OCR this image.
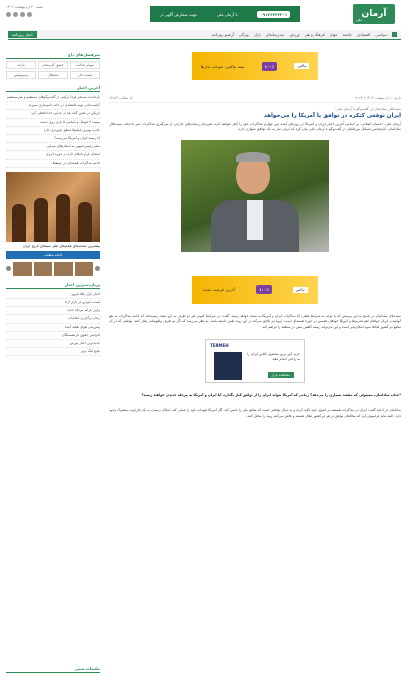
آرمان
ملی
۰۹۱۲۶۳۴۴۴۰۱
با آرمان ملی
جهت سفارش آگهی در
شنبه ۲۰ اردیبهشت ۱۴۰۴
سیاسی
اقتصادی
جامعه
جهان
فرهنگ و هنر
ورزش
چندرسانه‌ای
بازار
ویژگی
آرشیو روزنامه
اخبار روزنامه
نیاکس
۱۰۰٪
بیمه نیاکس، سوخت ندارها
تاریخ ۲۰ اردیبهشت ۱۴۰۴ | ۱۲:۲۴
کد مطلب ۱۴۸۸۴
سیدجلال ساداتیان در گفت‌وگو با آرمان ملی:
ایران توقعی کنکره در توافق با آمریکا را می‌خواهد

آرمان ملی- احسان اصلانی: بر اساس آخرین اخبار ایران و آمریکا در روزهای آینده دور چهارم مذاکرات خود را آغاز خواهند کرد. هم‌زمان رسانه‌های خارجی از سرگیری مذاکرات خبر داده‌اند. سید‌جلال ساداتیان، کارشناس مسائل بین‌الملل در گفت‌وگو با آرمان ملی بیان کرد که ایران نیاز به یک توافق متوازن دارد.

نیاکس
۱۰۰٪
آخرین فرصت تمدید

سیدجلال ساداتیان در پاسخ به این پرسش که با توجه به شرایط فعلی، آیا مذاکرات ایران و آمریکا به نتیجه خواهد رسید، گفت: در شرایط کنونی هر دو طرف به این نتیجه رسیده‌اند که ادامه مذاکرات به نفع آنهاست. ایران خواهان لغو تحریم‌ها و آمریکا خواهان تضمین در حوزه هسته‌ای است. اروپا نیز تلاش می‌کند در این روند نقش داشته باشد. به نظر می‌رسد که اگر دو طرف واقع‌بینانه رفتار کنند، توافقی که در آن منافع دو کشور لحاظ شود امکان‌پذیر است و این می‌تواند زمینه کاهش تنش در منطقه را فراهم کند.

TERMEH
خرید کور ترین محصول آنلاین ایران را به راحتی انجام دهید
مشاهده بازار

*جناب ساداتیان، مسئولی که مقصد بسیاری را می‌دهد؟ زمانی که آمریکا نتواند ایران را از توافق کنار بگذارد، آیا ایران و آمریکا به مرحله جدیدی خواهند رسید؟

ساداتیان در ادامه گفت: ایران در مذاکرات همیشه بر اصول خود تاکید کرده و به دنبال توافقی است که منافع ملی را تامین کند. اگر آمریکا تعهدات خود را عملی کند، امکان رسیدن به یک چارچوب مشترک وجود دارد. البته نباید فراموش کرد که مخالفان توافق در هر دو کشور فعال هستند و تلاش می‌کنند روند را مختل کنند.

سرفصل‌های داغ
سهام عدالت
حقوق کارمندان
یارانه
قیمت دلار
استقلال
پرسپولیس
آخرین اخبار
بازداشت سه‌نفر فردا ترکیبی از گفت‌وگوهای مستقیم و غیرمستقیم
کیاست‌دانی تهیه اقتصادی در خانه دانم‌سازی سوزند
بازیکن در نقش گیاه بعد از جدایی خداحافظی کرد
ببینید: ۷ فوتبال و اسامی ۵ بازی روی دشت
جایزه بهترین فیلم‌ها سطح پایین‌تری دارد
آیا ریسه ایران و آمریکا می‌رسد؟
سفر رئیس‌جمهور به استان‌های شرقی
امضای قراردادهای تازه در حوزه انرژی
ادامه مذاکرات هسته‌ای در مسقط
بیشترین صحنه‌های فیلم‌های طنز سینمای تاریخ ایران
ادامه مطلب
پربازدیدترین اخبار
اخبار بازار طلا امروز
قیمت خودرو در بازار آزاد
واریز یارانه مرحله جدید
زمان برگزاری انتخابات
پیش‌بینی هوای هفته آینده
افزایش حقوق بازنشستگان
جدیدترین اخبار بورس
نتایج لیگ برتر
تبلیغات متنی
